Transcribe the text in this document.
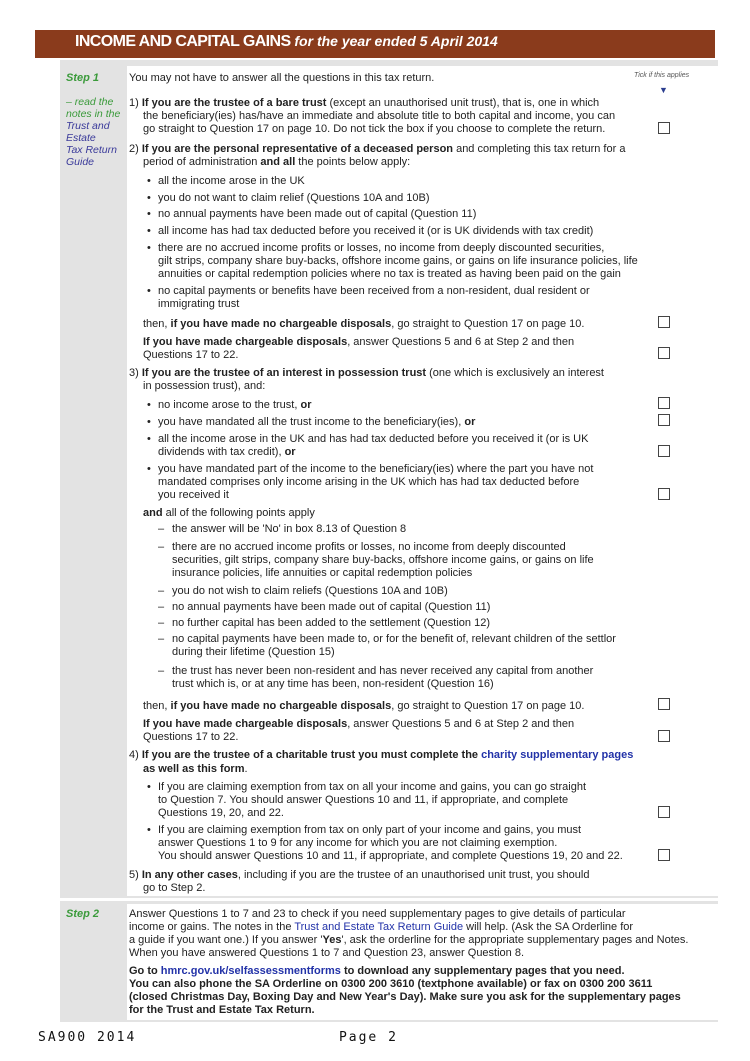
INCOME AND CAPITAL GAINS for the year ended 5 April 2014
Step 1
– read the
notes in the
Trust and
Estate
Tax Return
Guide
You may not have to answer all the questions in this tax return.	Tick if this applies
▼
1) If you are the trustee of a bare trust (except an unauthorised unit trust), that is, one in which
the beneficiary(ies) has/have an immediate and absolute title to both capital and income, you can
go straight to Question 17 on page 10. Do not tick the box if you choose to complete the return.
2) If you are the personal representative of a deceased person and completing this tax return for a
period of administration and all the points below apply:
• all the income arose in the UK
• you do not want to claim relief (Questions 10A and 10B)
• no annual payments have been made out of capital (Question 11)
• all income has had tax deducted before you received it (or is UK dividends with tax credit)
• there are no accrued income profits or losses, no income from deeply discounted securities,
gilt strips, company share buy-backs, offshore income gains, or gains on life insurance policies, life
annuities or capital redemption policies where no tax is treated as having been paid on the gain
• no capital payments or benefits have been received from a non-resident, dual resident or
immigrating trust
then, if you have made no chargeable disposals, go straight to Question 17 on page 10.
If you have made chargeable disposals, answer Questions 5 and 6 at Step 2 and then
Questions 17 to 22.
3) If you are the trustee of an interest in possession trust (one which is exclusively an interest
in possession trust), and:
• no income arose to the trust, or
• you have mandated all the trust income to the beneficiary(ies), or
• all the income arose in the UK and has had tax deducted before you received it (or is UK
dividends with tax credit), or
• you have mandated part of the income to the beneficiary(ies) where the part you have not
mandated comprises only income arising in the UK which has had tax deducted before
you received it
and all of the following points apply
– the answer will be 'No' in box 8.13 of Question 8
– there are no accrued income profits or losses, no income from deeply discounted
securities, gilt strips, company share buy-backs, offshore income gains, or gains on life
insurance policies, life annuities or capital redemption policies
– you do not wish to claim reliefs (Questions 10A and 10B)
– no annual payments have been made out of capital (Question 11)
– no further capital has been added to the settlement (Question 12)
– no capital payments have been made to, or for the benefit of, relevant children of the settlor
during their lifetime (Question 15)
– the trust has never been non-resident and has never received any capital from another
trust which is, or at any time has been, non-resident (Question 16)
then, if you have made no chargeable disposals, go straight to Question 17 on page 10.
If you have made chargeable disposals, answer Questions 5 and 6 at Step 2 and then
Questions 17 to 22.
4) If you are the trustee of a charitable trust you must complete the charity supplementary pages
as well as this form.
• If you are claiming exemption from tax on all your income and gains, you can go straight
to Question 7. You should answer Questions 10 and 11, if appropriate, and complete
Questions 19, 20, and 22.
• If you are claiming exemption from tax on only part of your income and gains, you must
answer Questions 1 to 9 for any income for which you are not claiming exemption.
You should answer Questions 10 and 11, if appropriate, and complete Questions 19, 20 and 22.
5) In any other cases, including if you are the trustee of an unauthorised unit trust, you should
go to Step 2.
Step 2	Answer Questions 1 to 7 and 23 to check if you need supplementary pages to give details of particular
income or gains. The notes in the Trust and Estate Tax Return Guide will help. (Ask the SA Orderline for
a guide if you want one.) If you answer 'Yes', ask the orderline for the appropriate supplementary pages and Notes.
When you have answered Questions 1 to 7 and Question 23, answer Question 8.
Go to hmrc.gov.uk/selfassessmentforms to download any supplementary pages that you need.
You can also phone the SA Orderline on 0300 200 3610 (textphone available) or fax on 0300 200 3611
(closed Christmas Day, Boxing Day and New Year's Day). Make sure you ask for the supplementary pages
for the Trust and Estate Tax Return.
SA900 2014	Page 2
